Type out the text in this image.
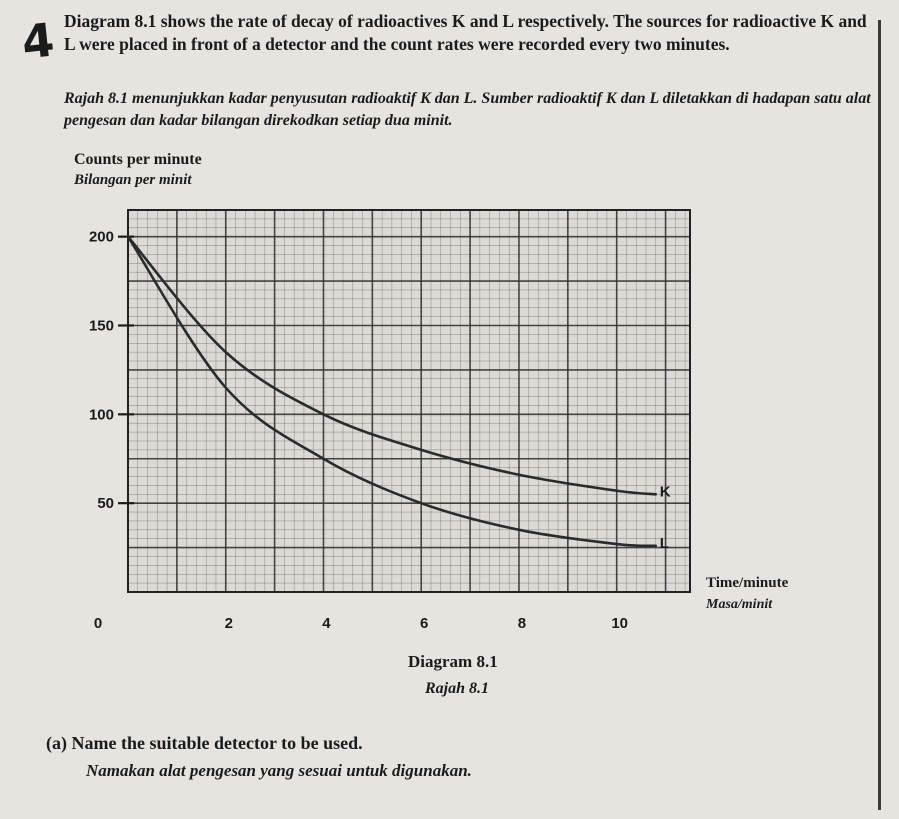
4 Diagram 8.1 shows the rate of decay of radioactives K and L respectively. The sources for radioactive K and L were placed in front of a detector and the count rates were recorded every two minutes.
Rajah 8.1 menunjukkan kadar penyusutan radioaktif K dan L. Sumber radioaktif K dan L diletakkan di hadapan satu alat pengesan dan kadar bilangan direkodkan setiap dua minit.
Counts per minute
Bilangan per minit
200
150
100
50
0	2	4	6	8	10
K
L
Time/minute
Masa/minit
Diagram 8.1
Rajah 8.1
(a) Name the suitable detector to be used.
Namakan alat pengesan yang sesuai untuk digunakan.
